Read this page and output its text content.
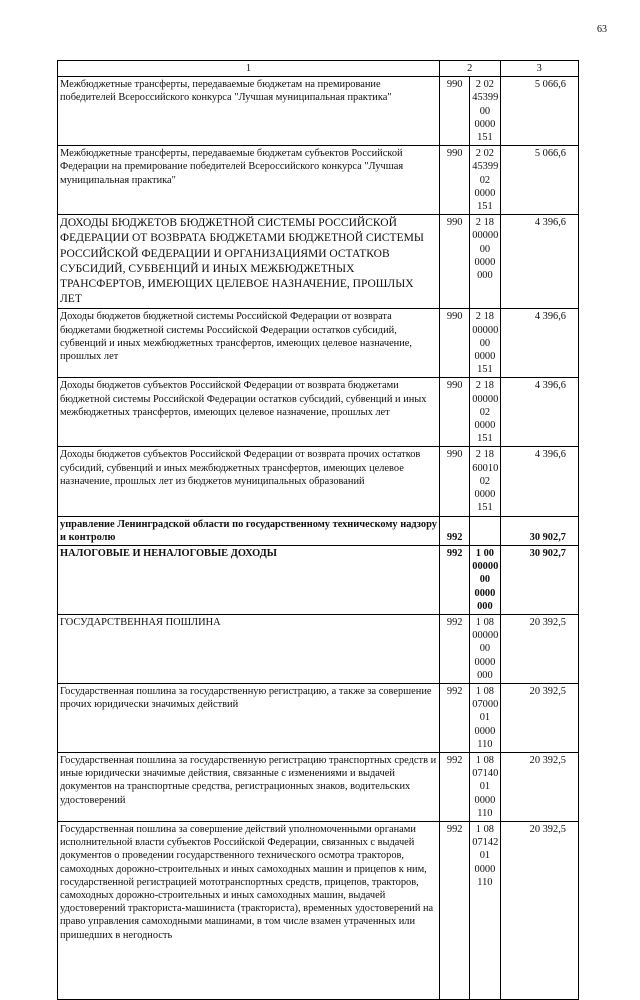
63
1	2		3
Межбюджетные трансферты, передаваемые бюджетам на премирование победителей Всероссийского конкурса "Лучшая муниципальная практика"	990	2 02 45399 00 0000 151	5 066,6
Межбюджетные трансферты, передаваемые бюджетам субъектов Российской Федерации на премирование победителей Всероссийского конкурса "Лучшая муниципальная практика"	990	2 02 45399 02 0000 151	5 066,6
ДОХОДЫ БЮДЖЕТОВ БЮДЖЕТНОЙ СИСТЕМЫ РОССИЙСКОЙ ФЕДЕРАЦИИ ОТ ВОЗВРАТА БЮДЖЕТАМИ БЮДЖЕТНОЙ СИСТЕМЫ РОССИЙСКОЙ ФЕДЕРАЦИИ И ОРГАНИЗАЦИЯМИ ОСТАТКОВ СУБСИДИЙ, СУБВЕНЦИЙ И ИНЫХ МЕЖБЮДЖЕТНЫХ ТРАНСФЕРТОВ, ИМЕЮЩИХ ЦЕЛЕВОЕ НАЗНАЧЕНИЕ, ПРОШЛЫХ ЛЕТ	990	2 18 00000 00 0000 000	4 396,6
Доходы бюджетов бюджетной системы Российской Федерации от возврата бюджетами бюджетной системы Российской Федерации остатков субсидий, субвенций и иных межбюджетных трансфертов, имеющих целевое назначение, прошлых лет	990	2 18 00000 00 0000 151	4 396,6
Доходы бюджетов субъектов Российской Федерации от возврата бюджетами бюджетной системы Российской Федерации остатков субсидий, субвенций и иных межбюджетных трансфертов, имеющих целевое назначение, прошлых лет	990	2 18 00000 02 0000 151	4 396,6
Доходы бюджетов субъектов Российской Федерации от возврата прочих остатков субсидий, субвенций и иных межбюджетных трансфертов, имеющих целевое назначение, прошлых лет из бюджетов муниципальных образований	990	2 18 60010 02 0000 151	4 396,6
управление Ленинградской области по государственному техническому надзору и контролю	992		30 902,7
НАЛОГОВЫЕ И НЕНАЛОГОВЫЕ ДОХОДЫ	992	1 00 00000 00 0000 000	30 902,7
ГОСУДАРСТВЕННАЯ ПОШЛИНА	992	1 08 00000 00 0000 000	20 392,5
Государственная пошлина за государственную регистрацию, а также за совершение прочих юридически значимых действий	992	1 08 07000 01 0000 110	20 392,5
Государственная пошлина за государственную регистрацию транспортных средств и иные юридически значимые действия, связанные с изменениями и выдачей документов на транспортные средства, регистрационных знаков, водительских удостоверений	992	1 08 07140 01 0000 110	20 392,5
Государственная пошлина за совершение действий уполномоченными органами исполнительной власти субъектов Российской Федерации, связанных с выдачей документов о проведении государственного технического осмотра тракторов, самоходных дорожно-строительных и иных самоходных машин и прицепов к ним, государственной регистрацией мототранспортных средств, прицепов, тракторов, самоходных дорожно-строительных и иных самоходных машин, выдачей удостоверений тракториста-машиниста (тракториста), временных удостоверений на право управления самоходными машинами, в том числе взамен утраченных или пришедших в негодность	992	1 08 07142 01 0000 110	20 392,5
